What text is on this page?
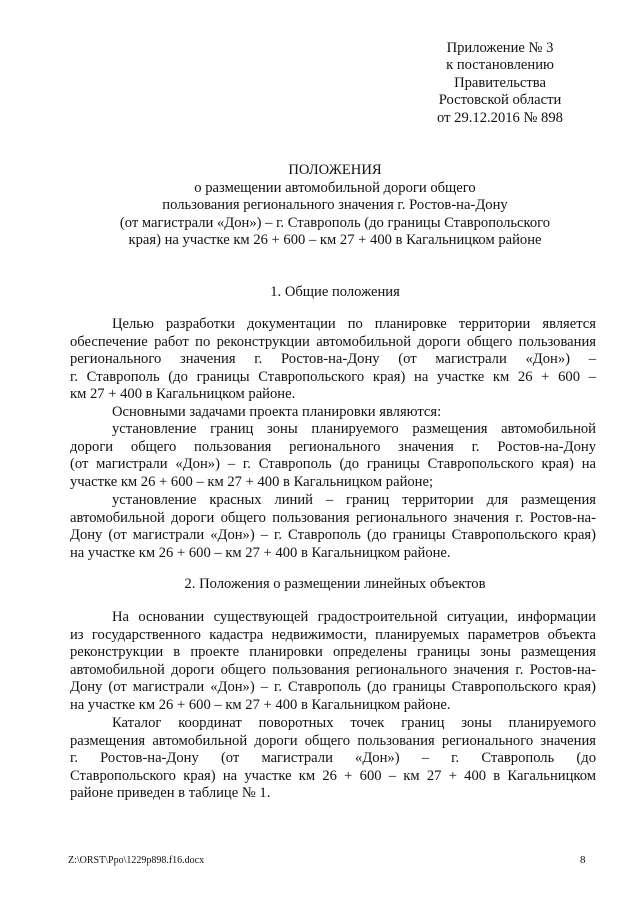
Приложение № 3
к постановлению
Правительства
Ростовской области
от 29.12.2016 № 898
ПОЛОЖЕНИЯ
о размещении автомобильной дороги общего
пользования регионального значения г. Ростов-на-Дону
(от магистрали «Дон») – г. Ставрополь (до границы Ставропольского
края) на участке км 26 + 600 – км 27 + 400 в Кагальницком районе
1. Общие положения
Целью разработки документации по планировке территории является
обеспечение работ по реконструкции автомобильной дороги общего пользования
регионального значения г. Ростов-на-Дону (от магистрали «Дон») –
г. Ставрополь (до границы Ставропольского края) на участке км 26 + 600 –
км 27 + 400 в Кагальницком районе.
Основными задачами проекта планировки являются:
установление границ зоны планируемого размещения автомобильной
дороги общего пользования регионального значения г. Ростов-на-Дону
(от магистрали «Дон») – г. Ставрополь (до границы Ставропольского края) на
участке км 26 + 600 – км 27 + 400 в Кагальницком районе;
установление красных линий – границ территории для размещения
автомобильной дороги общего пользования регионального значения г. Ростов-на-
Дону (от магистрали «Дон») – г. Ставрополь (до границы Ставропольского края)
на участке км 26 + 600 – км 27 + 400 в Кагальницком районе.
2. Положения о размещении линейных объектов
На основании существующей градостроительной ситуации, информации
из государственного кадастра недвижимости, планируемых параметров объекта
реконструкции в проекте планировки определены границы зоны размещения
автомобильной дороги общего пользования регионального значения г. Ростов-на-
Дону (от магистрали «Дон») – г. Ставрополь (до границы Ставропольского края)
на участке км 26 + 600 – км 27 + 400 в Кагальницком районе.
Каталог координат поворотных точек границ зоны планируемого
размещения автомобильной дороги общего пользования регионального значения
г. Ростов-на-Дону (от магистрали «Дон») – г. Ставрополь (до
Ставропольского края) на участке км 26 + 600 – км 27 + 400 в Кагальницком
районе приведен в таблице № 1.
Z:\ORST\Ppo\1229p898.f16.docx	8
